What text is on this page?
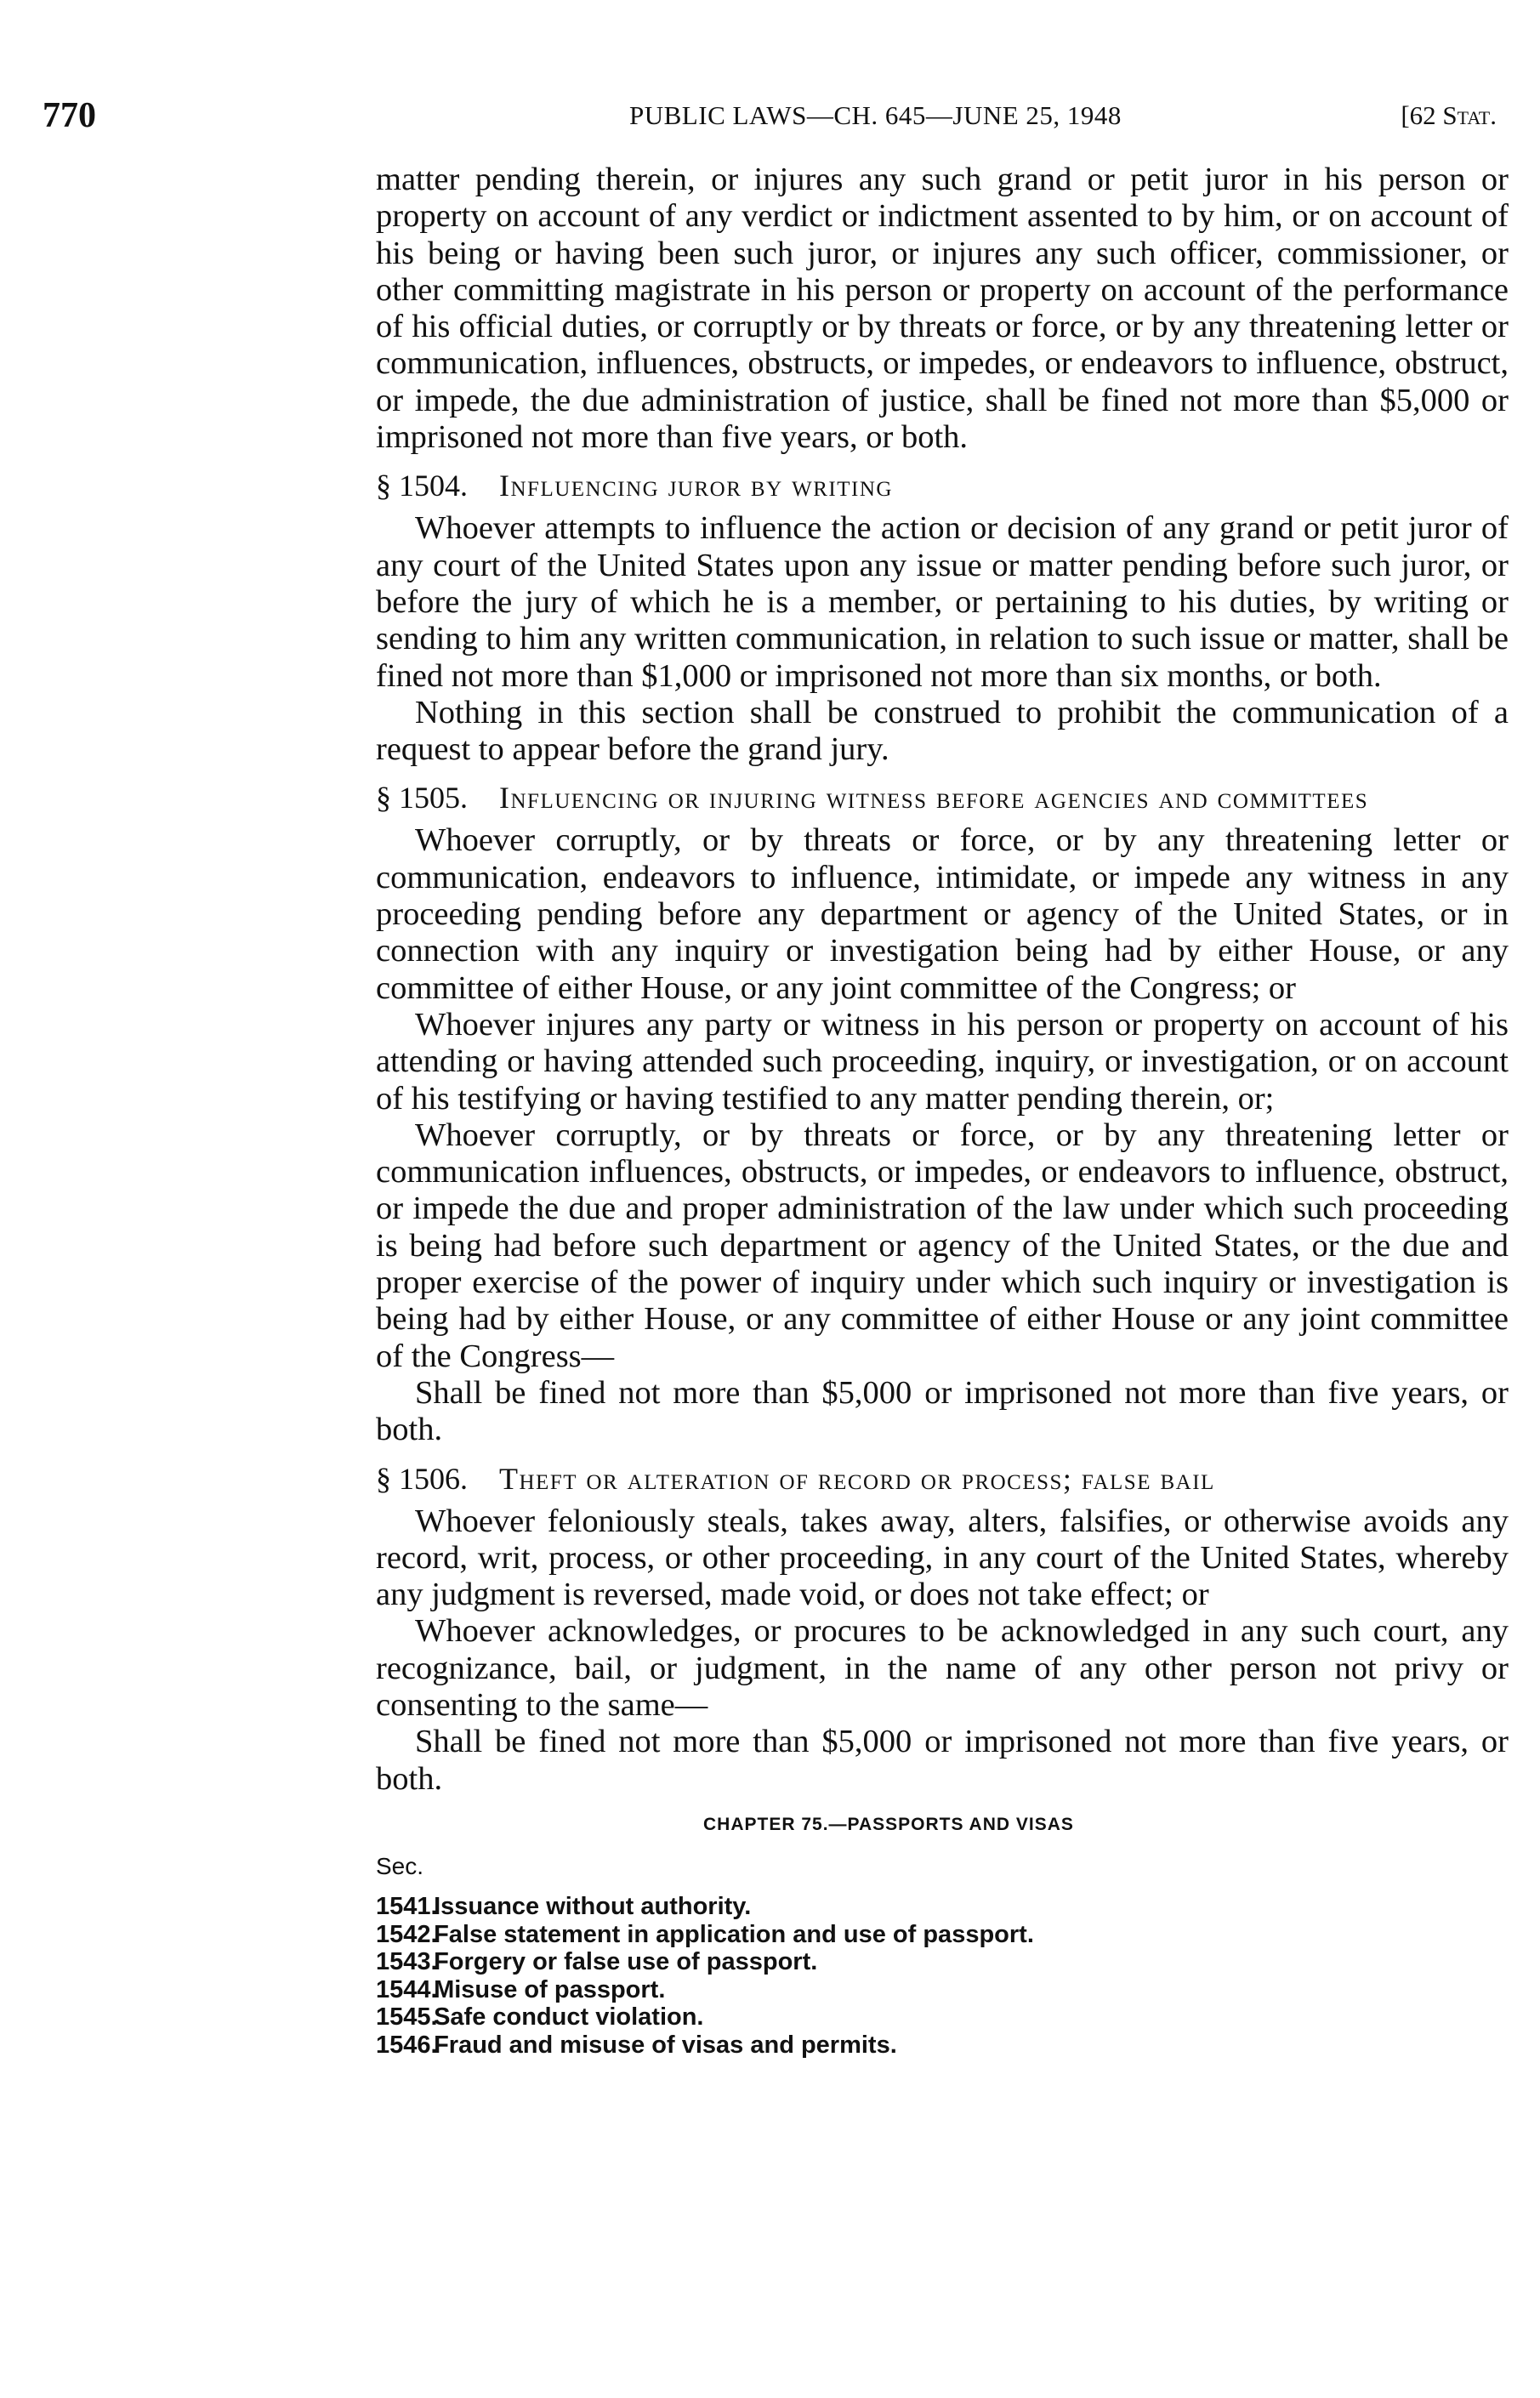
770	PUBLIC LAWS—CH. 645—JUNE 25, 1948	[62 Stat.

matter pending therein, or injures any such grand or petit juror in his person or property on account of any verdict or indictment assented to by him, or on account of his being or having been such juror, or injures any such officer, commissioner, or other committing magistrate in his person or property on account of the performance of his official duties, or corruptly or by threats or force, or by any threatening letter or communication, influences, obstructs, or impedes, or endeavors to influence, obstruct, or impede, the due administration of justice, shall be fined not more than $5,000 or imprisoned not more than five years, or both.

§ 1504. Influencing juror by writing

Whoever attempts to influence the action or decision of any grand or petit juror of any court of the United States upon any issue or matter pending before such juror, or before the jury of which he is a member, or pertaining to his duties, by writing or sending to him any written communication, in relation to such issue or matter, shall be fined not more than $1,000 or imprisoned not more than six months, or both.

Nothing in this section shall be construed to prohibit the communication of a request to appear before the grand jury.

§ 1505. Influencing or injuring witness before agencies and committees

Whoever corruptly, or by threats or force, or by any threatening letter or communication, endeavors to influence, intimidate, or impede any witness in any proceeding pending before any department or agency of the United States, or in connection with any inquiry or investigation being had by either House, or any committee of either House, or any joint committee of the Congress; or

Whoever injures any party or witness in his person or property on account of his attending or having attended such proceeding, inquiry, or investigation, or on account of his testifying or having testified to any matter pending therein, or;

Whoever corruptly, or by threats or force, or by any threatening letter or communication influences, obstructs, or impedes, or endeavors to influence, obstruct, or impede the due and proper administration of the law under which such proceeding is being had before such department or agency of the United States, or the due and proper exercise of the power of inquiry under which such inquiry or investigation is being had by either House, or any committee of either House or any joint committee of the Congress—

Shall be fined not more than $5,000 or imprisoned not more than five years, or both.

§ 1506. Theft or alteration of record or process; false bail

Whoever feloniously steals, takes away, alters, falsifies, or otherwise avoids any record, writ, process, or other proceeding, in any court of the United States, whereby any judgment is reversed, made void, or does not take effect; or

Whoever acknowledges, or procures to be acknowledged in any such court, any recognizance, bail, or judgment, in the name of any other person not privy or consenting to the same—

Shall be fined not more than $5,000 or imprisoned not more than five years, or both.

CHAPTER 75.—PASSPORTS AND VISAS
Sec.
1541. Issuance without authority.
1542. False statement in application and use of passport.
1543. Forgery or false use of passport.
1544. Misuse of passport.
1545. Safe conduct violation.
1546. Fraud and misuse of visas and permits.
